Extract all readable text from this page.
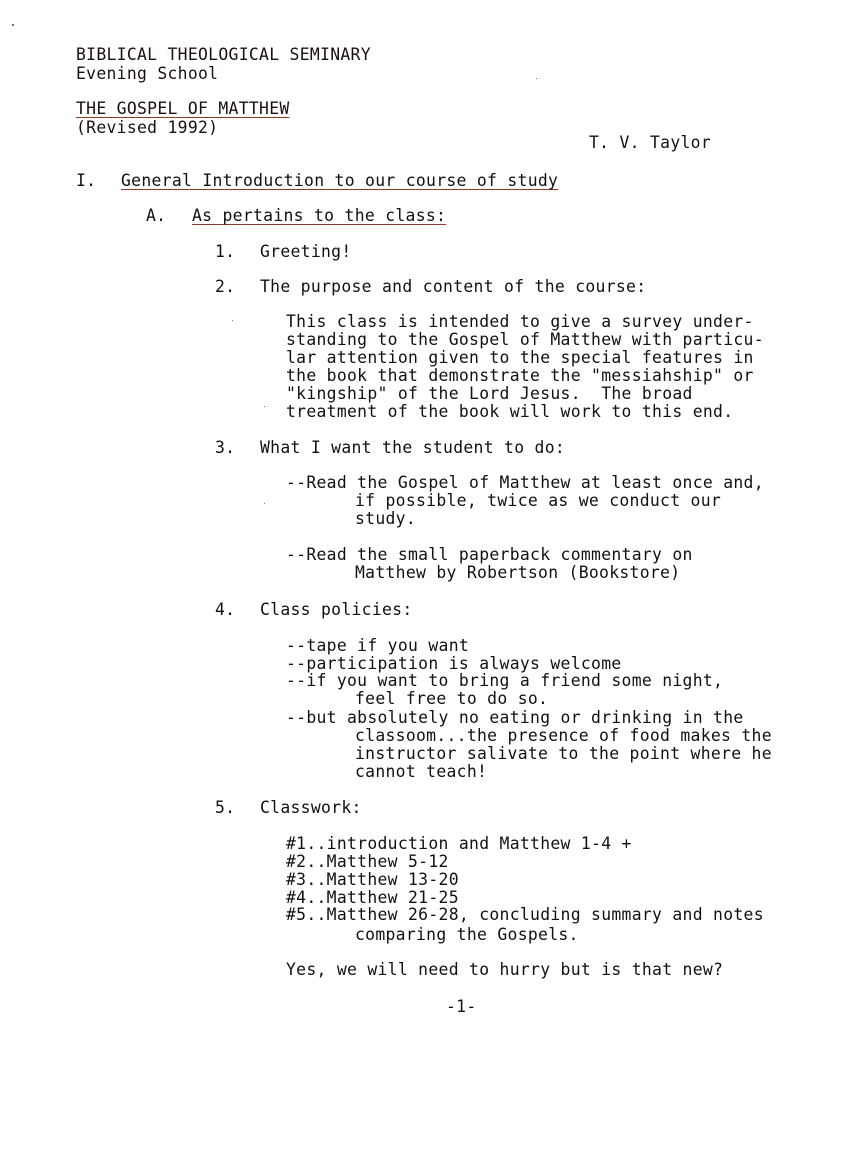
BIBLICAL THEOLOGICAL SEMINARY
Evening School
THE GOSPEL OF MATTHEW
(Revised 1992)
T. V. Taylor
I. General Introduction to our course of study
A. As pertains to the class:
1. Greeting!
2. The purpose and content of the course:
This class is intended to give a survey under-
standing to the Gospel of Matthew with particu-
lar attention given to the special features in
the book that demonstrate the "messiahship" or
"kingship" of the Lord Jesus.  The broad
treatment of the book will work to this end.
3. What I want the student to do:
--Read the Gospel of Matthew at least once and,
if possible, twice as we conduct our
study.
--Read the small paperback commentary on
Matthew by Robertson (Bookstore)
4. Class policies:
--tape if you want
--participation is always welcome
--if you want to bring a friend some night,
feel free to do so.
--but absolutely no eating or drinking in the
classoom...the presence of food makes the
instructor salivate to the point where he
cannot teach!
5. Classwork:
#1..introduction and Matthew 1-4 +
#2..Matthew 5-12
#3..Matthew 13-20
#4..Matthew 21-25
#5..Matthew 26-28, concluding summary and notes
comparing the Gospels.
Yes, we will need to hurry but is that new?
-1-
